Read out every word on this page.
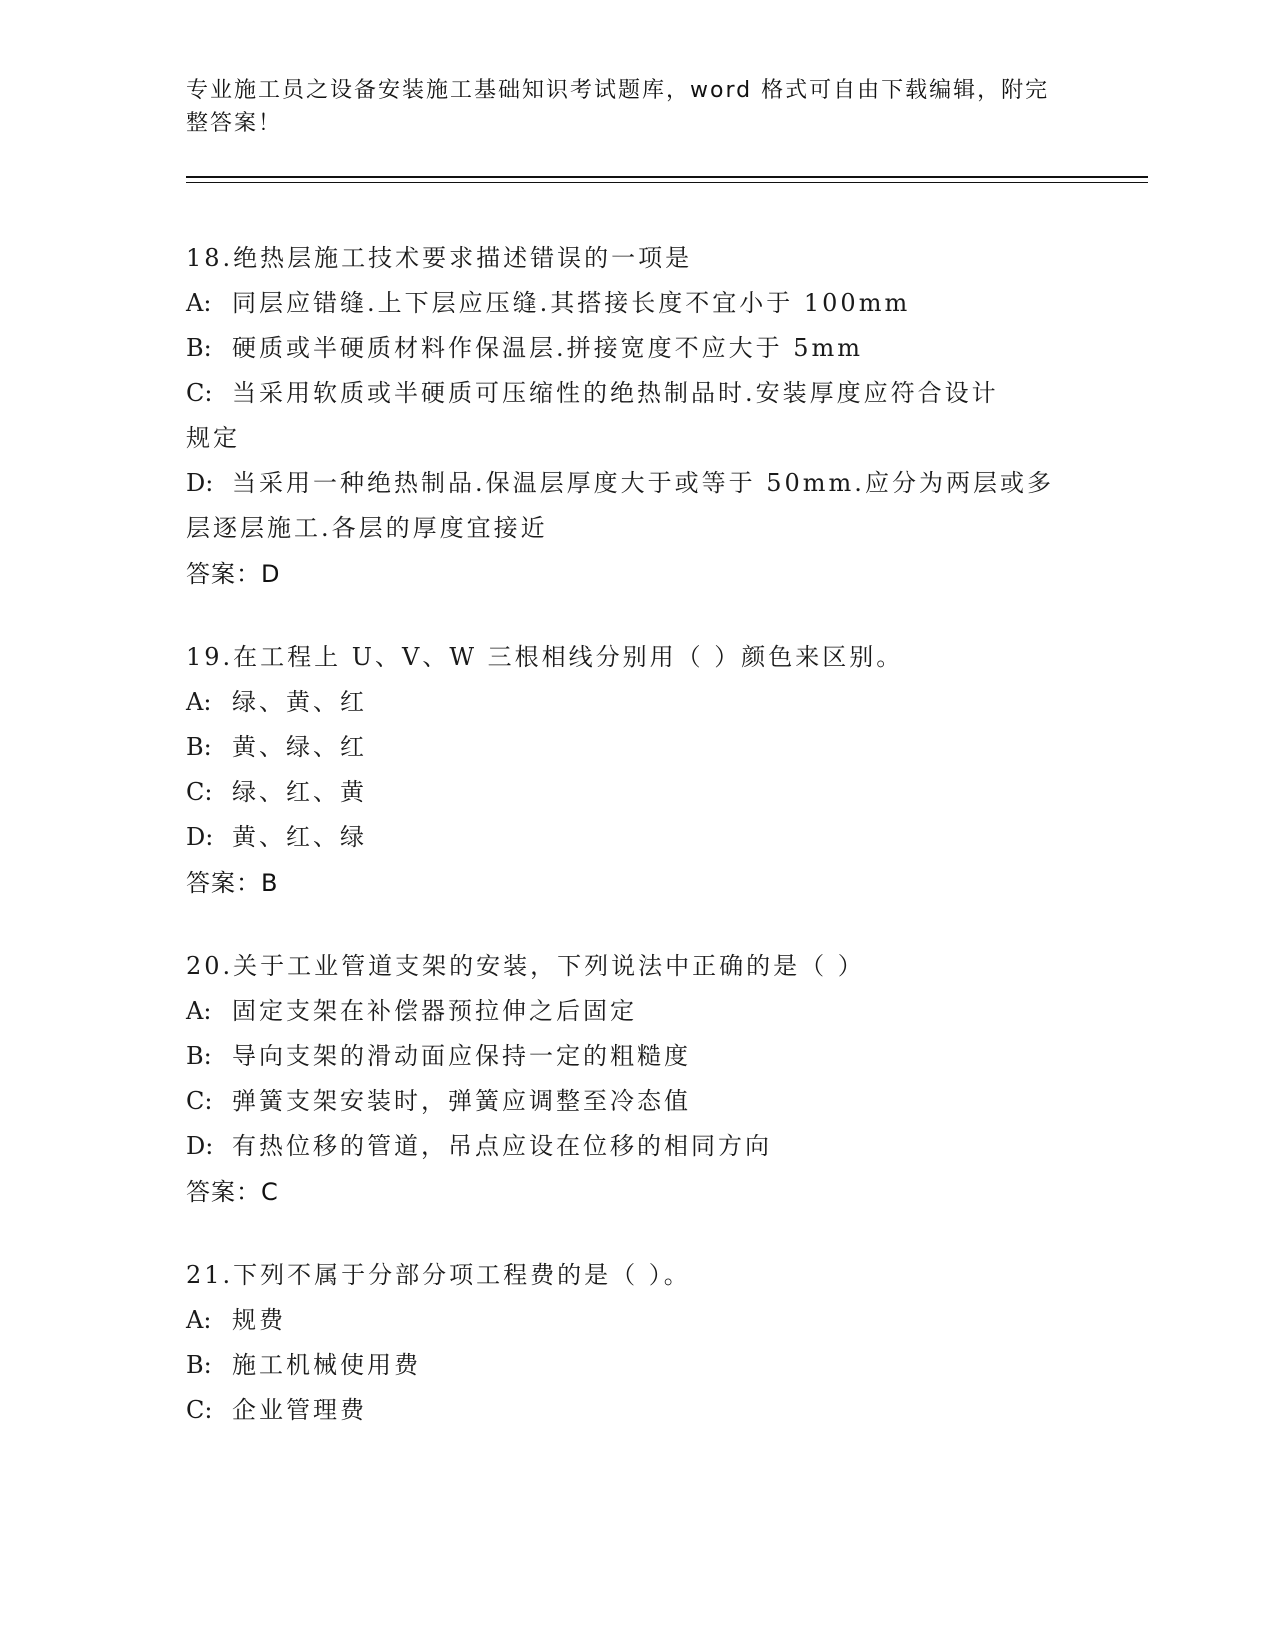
专业施工员之设备安装施工基础知识考试题库，word 格式可自由下载编辑，附完
整答案！

18.绝热层施工技术要求描述错误的一项是

A: 同层应错缝.上下层应压缝.其搭接长度不宜小于 100mm
B: 硬质或半硬质材料作保温层.拼接宽度不应大于 5mm
C: 当采用软质或半硬质可压缩性的绝热制品时.安装厚度应符合设计
规定
D: 当采用一种绝热制品.保温层厚度大于或等于 50mm.应分为两层或多
层逐层施工.各层的厚度宜接近

答案：D

19.在工程上 U、V、W 三根相线分别用（ ）颜色来区别。

A: 绿、黄、红
B: 黄、绿、红
C: 绿、红、黄
D: 黄、红、绿

答案：B

20.关于工业管道支架的安装，下列说法中正确的是（ ）

A: 固定支架在补偿器预拉伸之后固定
B: 导向支架的滑动面应保持一定的粗糙度
C: 弹簧支架安装时，弹簧应调整至冷态值
D: 有热位移的管道，吊点应设在位移的相同方向

答案：C

21.下列不属于分部分项工程费的是（ ）。

A: 规费
B: 施工机械使用费
C: 企业管理费
